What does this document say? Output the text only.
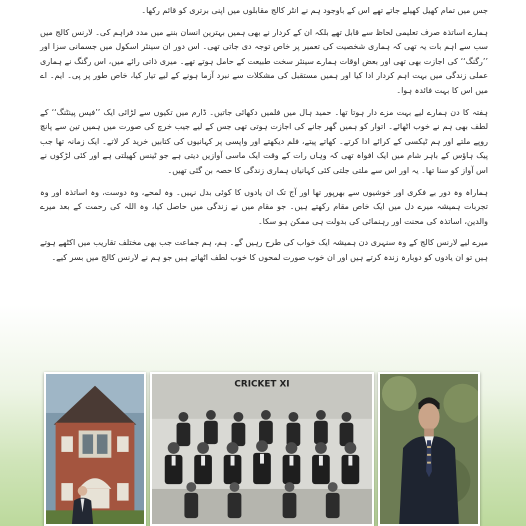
جس میں تمام کھیل کھیلے جاتے تھے اس کے باوجود ہم نے انٹر کالج مقابلوں میں اپنی برتری کو قائم رکھا۔

ہمارے اساتذہ صرف تعلیمی لحاظ سے قابل تھے بلکہ ان کے کردار نے بھی ہمیں بہترین انسان بننے میں مدد فراہم کی۔ لارنس کالج میں سب سے اہم بات یہ تھی کہ ہماری شخصیت کی تعمیر پر خاص توجہ دی جاتی تھی۔ اس دور ان سینئر اسکول میں جسمانی سزا اور ’’رگنگ‘‘ کی اجازت بھی تھی اور بعض اوقات ہمارے سینئر سخت طبیعت کے حامل ہوتے تھے۔ میری ذاتی رائے میں، اس رگنگ نے ہماری عملی زندگی میں بہت اہم کردار ادا کیا اور ہمیں مستقبل کی مشکلات سے نبرد آزما ہونے کے لیے تیار کیا، خاص طور پر پی۔ ایم۔ اے میں اس کا بہت فائدہ ہوا۔

ہفتہ کا دن ہمارے لیے بہت مزے دار ہوتا تھا۔ حمید ہال میں فلمیں دکھائی جاتیں۔ ڈارم میں تکیوں سے لڑائی ایک ’’فیس پینٹنگ‘‘ کے لطف بھی ہم نے خوب اٹھائے۔ اتوار کو ہمیں گھر جانے کی اجازت ہوتی تھی جس کے لیے جیب خرچ کی صورت میں ہمیں تین سے پانچ روپے ملتے اور ہم ٹیکسی کے کرائے ادا کرتے۔ کھاتے پیتے، فلم دیکھتے اور واپسی پر کہانیوں کی کتابیں خرید کر لاتے۔ ایک زمانہ تھا جب پیک ہاؤس کے باہر شام میں ایک افواہ تھی کہ وہاں رات کے وقت ایک ماسی آوازیں دیتی ہے جو ٹینس کھیلتی ہے اور کئی لڑکوں نے اس آواز کو سنا تھا۔ یہ اور اس سے ملتی جلتی کئی کہانیاں ہماری زندگی کا حصہ بن گئی تھیں۔

ہماراہ وہ دور بے فکری اور خوشیوں سے بھرپور تھا اور آج تک ان یادوں کا کوئی بدل نہیں۔ وہ لمحے، وہ دوست، وہ اساتذہ اور وہ تجربات ہمیشہ میرے دل میں ایک خاص مقام رکھتے ہیں۔ جو مقام میں نے زندگی میں حاصل کیا، وہ اللہ کی رحمت کے بعد میرے والدین، اساتذہ کی محنت اور رہنمائی کی بدولت ہی ممکن ہو سکا۔

میرے لیے لارنس کالج کے وہ سنہری دن ہمیشہ ایک خواب کی طرح رہیں گے۔ ہم، ہم جماعت جب بھی مختلف تقاریب میں اکٹھے ہوتے ہیں تو ان یادوں کو دوبارہ زندہ کرتے ہیں اور ان خوب صورت لمحوں کا خوب لطف اٹھاتے ہیں جو ہم نے لارنس کالج میں بسر کیے۔

CRICKET XI
